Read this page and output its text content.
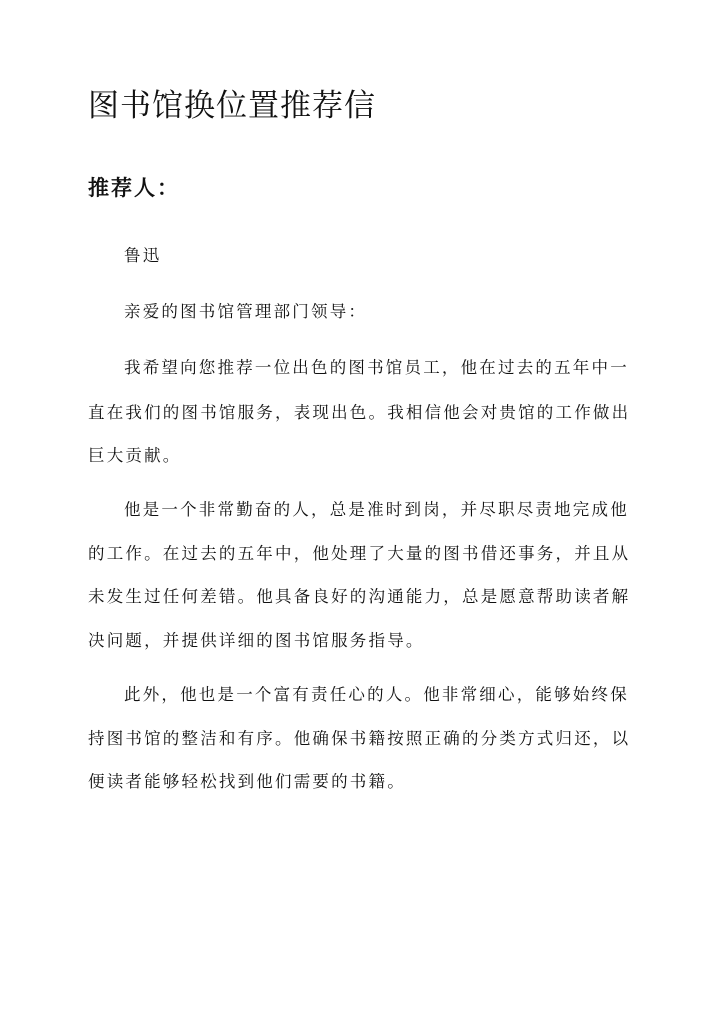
图书馆换位置推荐信
推荐人：

鲁迅

亲爱的图书馆管理部门领导：

我希望向您推荐一位出色的图书馆员工，他在过去的五年中一

直在我们的图书馆服务，表现出色。我相信他会对贵馆的工作做出

巨大贡献。

他是一个非常勤奋的人，总是准时到岗，并尽职尽责地完成他

的工作。在过去的五年中，他处理了大量的图书借还事务，并且从

未发生过任何差错。他具备良好的沟通能力，总是愿意帮助读者解

决问题，并提供详细的图书馆服务指导。

此外，他也是一个富有责任心的人。他非常细心，能够始终保

持图书馆的整洁和有序。他确保书籍按照正确的分类方式归还，以

便读者能够轻松找到他们需要的书籍。
